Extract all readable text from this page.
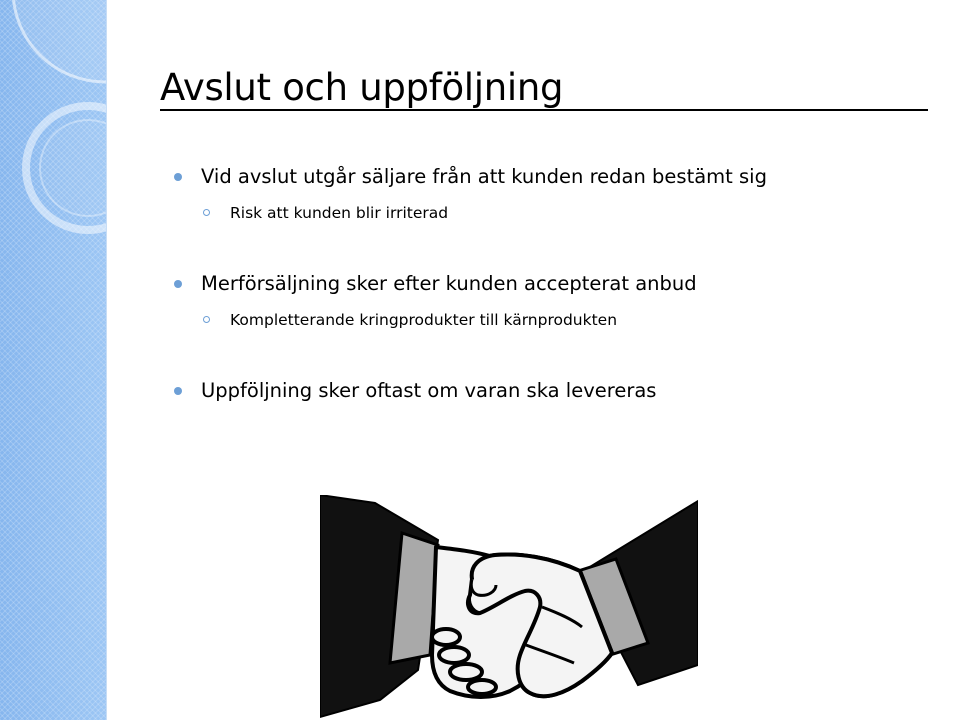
Avslut och uppföljning
Vid avslut utgår säljare från att kunden redan bestämt sig
Risk att kunden blir irriterad
Merförsäljning sker efter kunden accepterat anbud
Kompletterande kringprodukter till kärnprodukten
Uppföljning sker oftast om varan ska levereras
